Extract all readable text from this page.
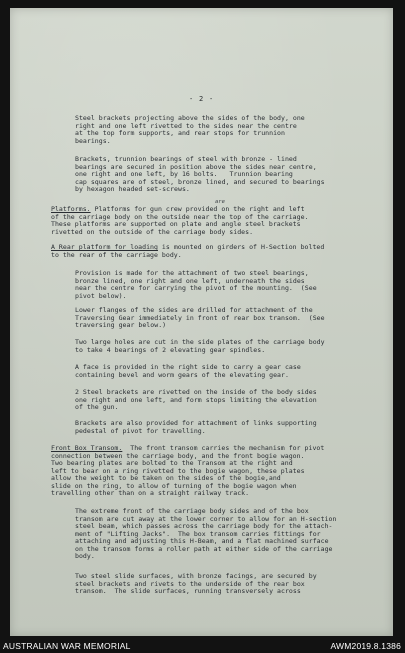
- 2 -

Steel brackets projecting above the sides of the body, one
right and one left rivetted to the sides near the centre
at the top form supports, and rear stops for trunnion
bearings.

Brackets, trunnion bearings of steel with bronze - lined
bearings are secured in position above the sides near centre,
one right and one left, by 16 bolts.   Trunnion bearing
cap squares are of steel, bronze lined, and secured to bearings
by hexagon headed set-screws.

are

Platforms. Platforms for gun crew provided on the right and left
of the carriage body on the outside near the top of the carriage.
These platforms are supported on plate and angle steel brackets
rivetted on the outside of the carriage body sides.

A Rear platform for loading is mounted on girders of H-Section bolted
to the rear of the carriage body.

Provision is made for the attachment of two steel bearings,
bronze lined, one right and one left, underneath the sides
near the centre for carrying the pivot of the mounting.  (See
pivot below).

Lower flanges of the sides are drilled for attachment of the
Traversing Gear immediately in front of rear box transom.  (See
traversing gear below.)

Two large holes are cut in the side plates of the carriage body
to take 4 bearings of 2 elevating gear spindles.

A face is provided in the right side to carry a gear case
containing bevel and worm gears of the elevating gear.

2 Steel brackets are rivetted on the inside of the body sides
one right and one left, and form stops limiting the elevation
of the gun.

Brackets are also provided for attachment of links supporting
pedestal of pivot for travelling.

Front Box Transom.  The front transom carries the mechanism for pivot
connection between the carriage body, and the front bogie wagon.
Two bearing plates are bolted to the Transom at the right and
left to bear on a ring rivetted to the bogie wagon, these plates
allow the weight to be taken on the sides of the bogie,and
slide on the ring, to allow of turning of the bogie wagon when
travelling other than on a straight railway track.

The extreme front of the carriage body sides and of the box
transom are cut away at the lower corner to allow for an H-section
steel beam, which passes across the carriage body for the attach-
ment of "Lifting Jacks".  The box transom carries fittings for
attaching and adjusting this H-Beam, and a flat machined surface
on the transom forms a roller path at either side of the carriage
body.

Two steel slide surfaces, with bronze facings, are secured by
steel brackets and rivets to the underside of the rear box
transom.  The slide surfaces, running transversely across

AUSTRALIAN WAR MEMORIAL	AWM2019.8.1386
